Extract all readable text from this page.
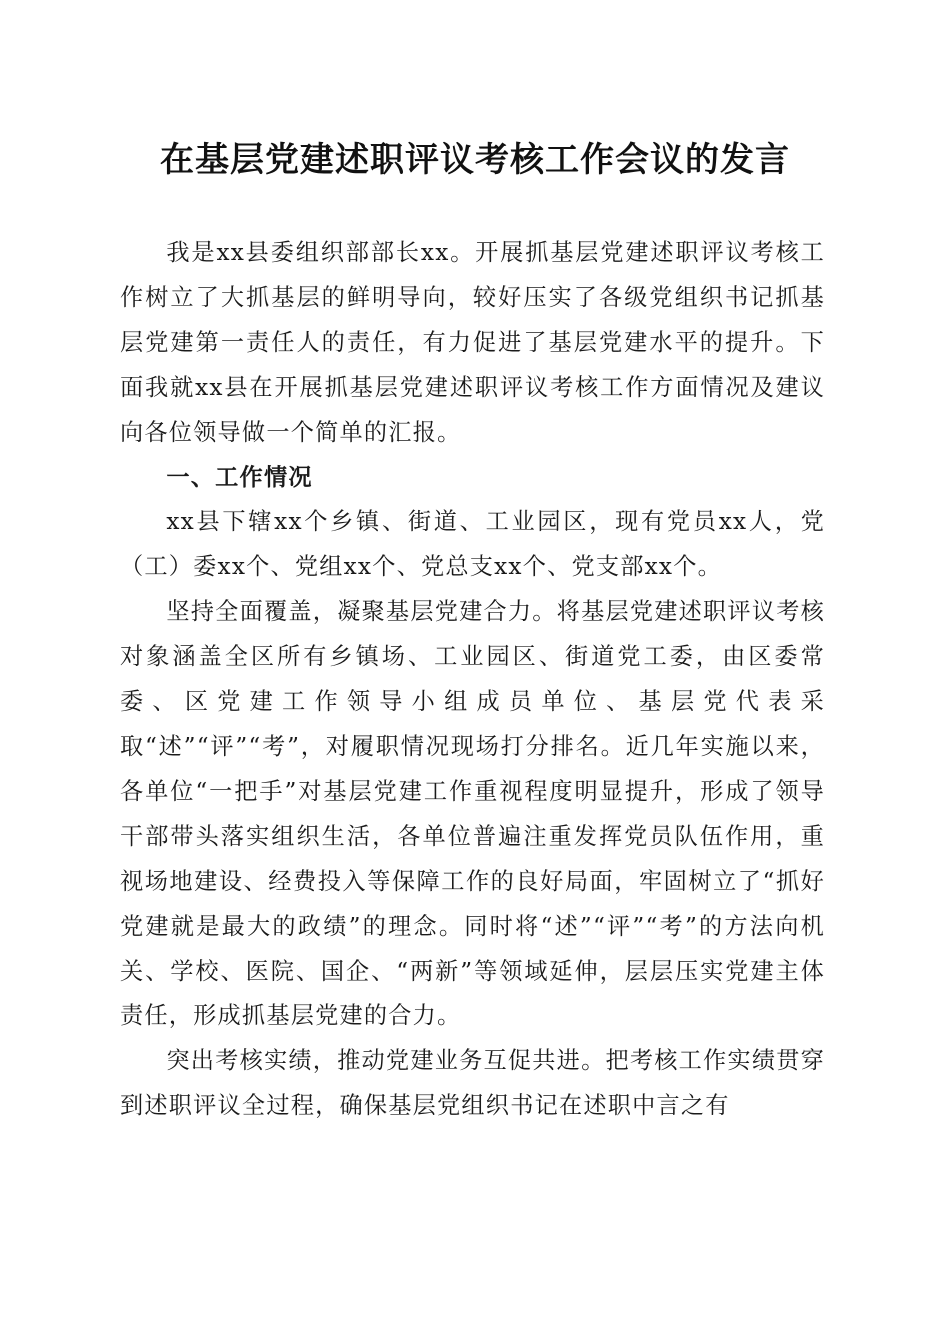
在基层党建述职评议考核工作会议的发言

我是xx县委组织部部长xx。开展抓基层党建述职评议考核工作树立了大抓基层的鲜明导向，较好压实了各级党组织书记抓基层党建第一责任人的责任，有力促进了基层党建水平的提升。下面我就xx县在开展抓基层党建述职评议考核工作方面情况及建议向各位领导做一个简单的汇报。

一、工作情况

xx县下辖xx个乡镇、街道、工业园区，现有党员xx人，党（工）委xx个、党组xx个、党总支xx个、党支部xx个。

坚持全面覆盖，凝聚基层党建合力。将基层党建述职评议考核对象涵盖全区所有乡镇场、工业园区、街道党工委，由区委常委、区党建工作领导小组成员单位、基层党代表采取“述”“评”“考”，对履职情况现场打分排名。近几年实施以来，各单位“一把手”对基层党建工作重视程度明显提升，形成了领导干部带头落实组织生活，各单位普遍注重发挥党员队伍作用，重视场地建设、经费投入等保障工作的良好局面，牢固树立了“抓好党建就是最大的政绩”的理念。同时将“述”“评”“考”的方法向机关、学校、医院、国企、“两新”等领域延伸，层层压实党建主体责任，形成抓基层党建的合力。

突出考核实绩，推动党建业务互促共进。把考核工作实绩贯穿到述职评议全过程，确保基层党组织书记在述职中言之有
